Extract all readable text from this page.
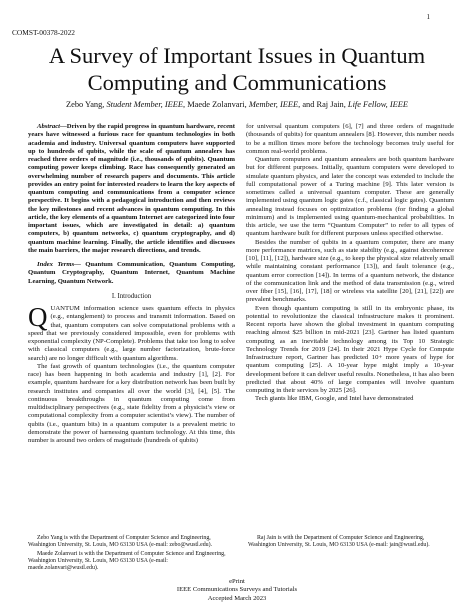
1
COMST-00378-2022
A Survey of Important Issues in Quantum Computing and Communications
Zebo Yang, Student Member, IEEE, Maede Zolanvari, Member, IEEE, and Raj Jain, Life Fellow, IEEE

Abstract—Driven by the rapid progress in quantum hardware, recent years have witnessed a furious race for quantum technologies in both academia and industry. Universal quantum computers have supported up to hundreds of qubits, while the scale of quantum annealers has reached three orders of magnitude (i.e., thousands of qubits). Quantum computing power keeps climbing. Race has consequently generated an overwhelming number of research papers and documents. This article provides an entry point for interested readers to learn the key aspects of quantum computing and communications from a computer science perspective. It begins with a pedagogical introduction and then reviews the key milestones and recent advances in quantum computing. In this article, the key elements of a quantum Internet are categorized into four important issues, which are investigated in detail: a) quantum computers, b) quantum networks, c) quantum cryptography, and d) quantum machine learning. Finally, the article identifies and discusses the main barriers, the major research directions, and trends.

Index Terms— Quantum Communication, Quantum Computing, Quantum Cryptography, Quantum Internet, Quantum Machine Learning, Quantum Network.

I. Introduction

QUANTUM information science uses quantum effects in physics (e.g., entanglement) to process and transmit information. Based on that, quantum computers can solve computational problems with a speed that we previously considered impossible, even for problems with exponential complexity (NP-Complete). Problems that take too long to solve with classical computers (e.g., large number factorization, brute-force search) are no longer difficult with quantum algorithms.

The fast growth of quantum technologies (i.e., the quantum computer race) has been happening in both academia and industry [1], [2]. For example, quantum hardware for a key distribution network has been built by research institutes and companies all over the world [3], [4], [5]. The continuous breakthroughs in quantum computing come from multidisciplinary perspectives (e.g., state fidelity from a physicist’s view or computational complexity from a computer scientist’s view). The number of qubits (i.e., quantum bits) in a quantum computer is a prevalent metric to demonstrate the power of harnessing quantum technology. At this time, this number is around two orders of magnitude (hundreds of qubits)

for universal quantum computers [6], [7] and three orders of magnitude (thousands of qubits) for quantum annealers [8]. However, this number needs to be a million times more before the technology becomes truly useful for common real-world problems.

Quantum computers and quantum annealers are both quantum hardware but for different purposes. Initially, quantum computers were developed to simulate quantum physics, and later the concept was extended to include the full computational power of a Turing machine [9]. This later version is sometimes called a universal quantum computer. These are generally implemented using quantum logic gates (c.f., classical logic gates). Quantum annealing instead focuses on optimization problems (for finding a global minimum) and is implemented using quantum-mechanical probabilities. In this article, we use the term “Quantum Computer” to refer to all types of quantum hardware built for different purposes unless specified otherwise.

Besides the number of qubits in a quantum computer, there are many more performance matrices, such as state stability (e.g., against decoherence [10], [11], [12]), hardware size (e.g., to keep the physical size relatively small while maintaining constant performance [13]), and fault tolerance (e.g., quantum error correction [14]). In terms of a quantum network, the distance of the communication link and the method of data transmission (e.g., wired over fiber [15], [16], [17], [18] or wireless via satellite [20], [21], [22]) are prevalent benchmarks.

Even though quantum computing is still in its embryonic phase, its potential to revolutionize the classical infrastructure makes it prominent. Recent reports have shown the global investment in quantum computing reaching almost $25 billion in mid-2021 [23]. Gartner has listed quantum computing as an inevitable technology among its Top 10 Strategic Technology Trends for 2019 [24]. In their 2021 Hype Cycle for Compute Infrastructure report, Gartner has predicted 10+ more years of hype for quantum computing [25]. A 10-year hype might imply a 10-year development before it can deliver useful results. Nonetheless, it has also been predicted that about 40% of large companies will involve quantum computing in their services by 2025 [26].

Tech giants like IBM, Google, and Intel have demonstrated

Zebo Yang is with the Department of Computer Science and Engineering, Washington University, St. Louis, MO 63130 USA (e-mail: zebo@wustl.edu).

Maede Zolanvari is with the Department of Computer Science and Engineering, Washington University, St. Louis, MO 63130 USA (e-mail: maede.zolanvari@wustl.edu).

Raj Jain is with the Department of Computer Science and Engineering, Washington University, St. Louis, MO 63130 USA (e-mail: jain@wustl.edu).

ePrint
IEEE Communications Surveys and Tutorials
Accepted March 2023
